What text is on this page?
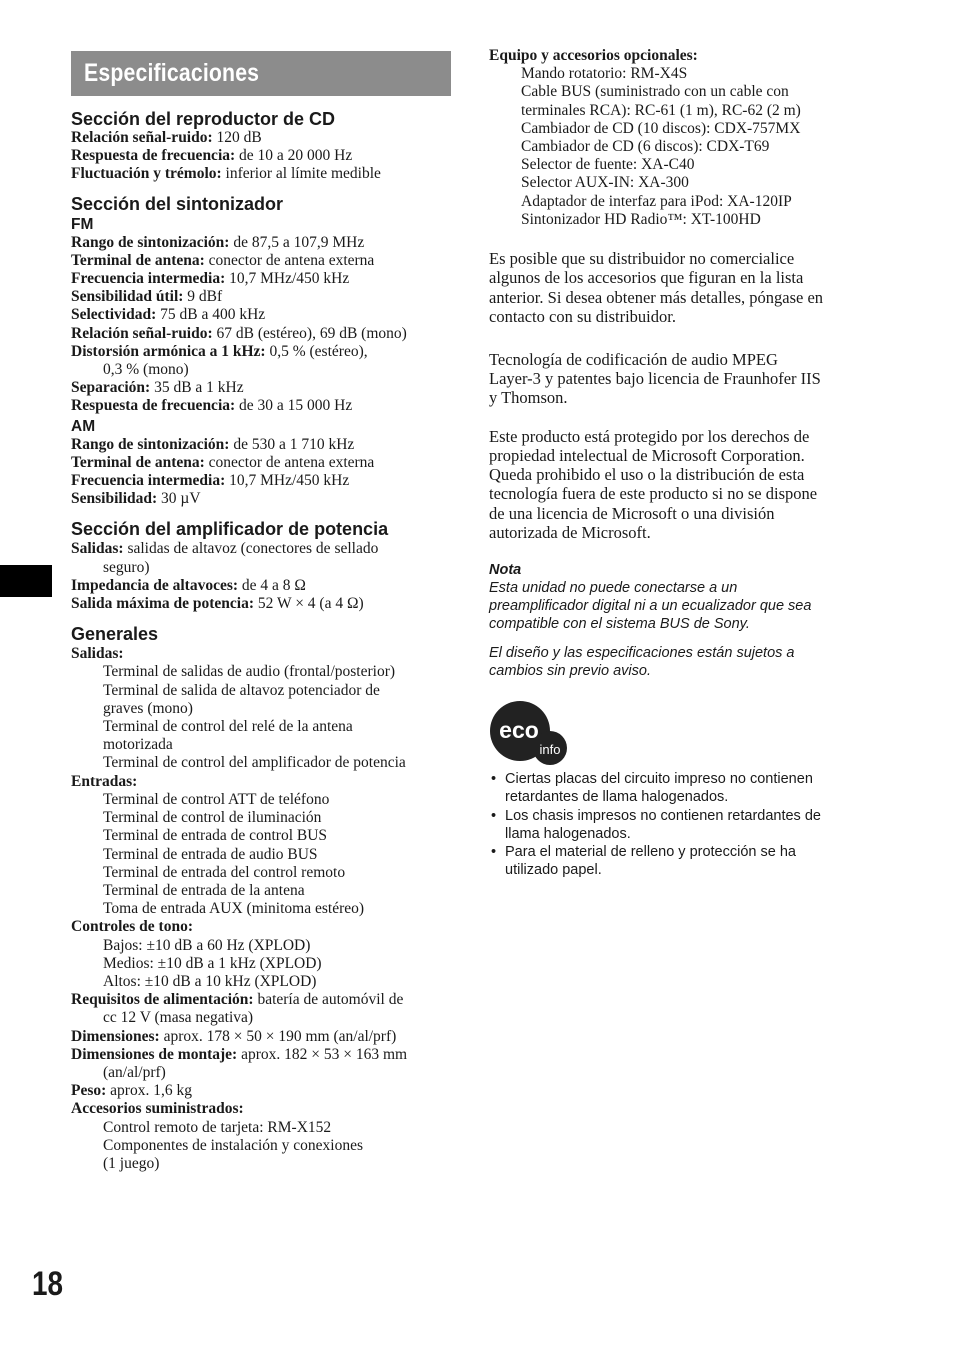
Especificaciones
Sección del reproductor de CD
Relación señal-ruido: 120 dB
Respuesta de frecuencia: de 10 a 20 000 Hz
Fluctuación y trémolo: inferior al límite medible
Sección del sintonizador
FM
Rango de sintonización: de 87,5 a 107,9 MHz
Terminal de antena: conector de antena externa
Frecuencia intermedia: 10,7 MHz/450 kHz
Sensibilidad útil: 9 dBf
Selectividad: 75 dB a 400 kHz
Relación señal-ruido: 67 dB (estéreo), 69 dB (mono)
Distorsión armónica a 1 kHz: 0,5 % (estéreo),
0,3 % (mono)
Separación: 35 dB a 1 kHz
Respuesta de frecuencia: de 30 a 15 000 Hz
AM
Rango de sintonización: de 530 a 1 710 kHz
Terminal de antena: conector de antena externa
Frecuencia intermedia: 10,7 MHz/450 kHz
Sensibilidad: 30 µV
Sección del amplificador de potencia
Salidas: salidas de altavoz (conectores de sellado
seguro)
Impedancia de altavoces: de 4 a 8 Ω
Salida máxima de potencia: 52 W × 4 (a 4 Ω)
Generales
Salidas:
Terminal de salidas de audio (frontal/posterior)
Terminal de salida de altavoz potenciador de
graves (mono)
Terminal de control del relé de la antena
motorizada
Terminal de control del amplificador de potencia
Entradas:
Terminal de control ATT de teléfono
Terminal de control de iluminación
Terminal de entrada de control BUS
Terminal de entrada de audio BUS
Terminal de entrada del control remoto
Terminal de entrada de la antena
Toma de entrada AUX (minitoma estéreo)
Controles de tono:
Bajos: ±10 dB a 60 Hz (XPLOD)
Medios: ±10 dB a 1 kHz (XPLOD)
Altos: ±10 dB a 10 kHz (XPLOD)
Requisitos de alimentación: batería de automóvil de
cc 12 V (masa negativa)
Dimensiones: aprox. 178 × 50 × 190 mm (an/al/prf)
Dimensiones de montaje: aprox. 182 × 53 × 163 mm
(an/al/prf)
Peso: aprox. 1,6 kg
Accesorios suministrados:
Control remoto de tarjeta: RM-X152
Componentes de instalación y conexiones
(1 juego)
Equipo y accesorios opcionales:
Mando rotatorio: RM-X4S
Cable BUS (suministrado con un cable con
terminales RCA): RC-61 (1 m), RC-62 (2 m)
Cambiador de CD (10 discos): CDX-757MX
Cambiador de CD (6 discos): CDX-T69
Selector de fuente: XA-C40
Selector AUX-IN: XA-300
Adaptador de interfaz para iPod: XA-120IP
Sintonizador HD Radio™: XT-100HD
Es posible que su distribuidor no comercialice
algunos de los accesorios que figuran en la lista
anterior. Si desea obtener más detalles, póngase en
contacto con su distribuidor.
Tecnología de codificación de audio MPEG
Layer-3 y patentes bajo licencia de Fraunhofer IIS
y Thomson.
Este producto está protegido por los derechos de
propiedad intelectual de Microsoft Corporation.
Queda prohibido el uso o la distribución de esta
tecnología fuera de este producto si no se dispone
de una licencia de Microsoft o una división
autorizada de Microsoft.
Nota
Esta unidad no puede conectarse a un
preamplificador digital ni a un ecualizador que sea
compatible con el sistema BUS de Sony.
El diseño y las especificaciones están sujetos a
cambios sin previo aviso.
eco
info
• Ciertas placas del circuito impreso no contienen
retardantes de llama halogenados.
• Los chasis impresos no contienen retardantes de
llama halogenados.
• Para el material de relleno y protección se ha
utilizado papel.
18
